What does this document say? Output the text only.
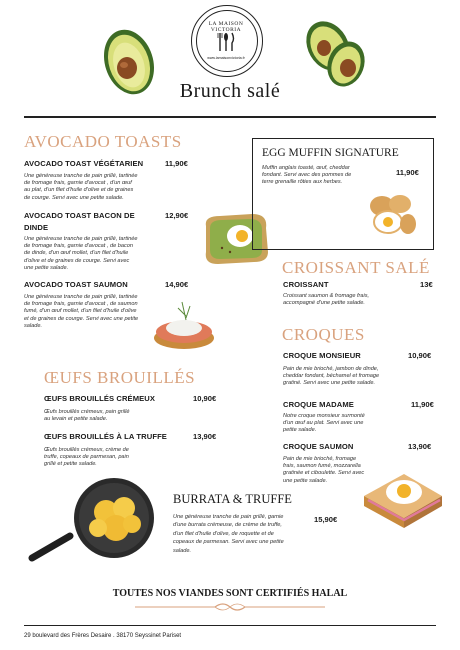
LA MAISON VICTORIA
www.lamaisonvictoria.fr
Brunch salé
AVOCADO TOASTS
AVOCADO TOAST VÉGÉTARIEN	11,90€
Une généreuse tranche de pain grillé, tartinée de fromage frais, garnie d'avocat , d'un œuf au plat, d'un filet d'huile d'olive et de graines de courge. Servi avec une petite salade.
AVOCADO TOAST BACON DE DINDE
12,90€
Une généreuse tranche de pain grillé, tartinée de fromage frais, garnie d'avocat , de bacon de dinde, d'un œuf mollet, d'un filet d'huile d'olive et de graines de courge. Servi avec une petite salade.
AVOCADO TOAST SAUMON	14,90€
Une généreuse tranche de pain grillé, tartinée de fromage frais, garnie d'avocat , de saumon fumé, d'un œuf mollet, d'un filet d'huile d'olive et de graines de courge. Servi avec une petite salade.
EGG MUFFIN SIGNATURE
Muffin anglais toasté, œuf, cheddar fondant. Servi avec des pommes de terre grenaille rôties aux herbes.
11,90€
CROISSANT SALÉ
CROISSANT	13€
Croissant saumon & fromage frais, accompagné d'une petite salade.
CROQUES
CROQUE MONSIEUR	10,90€
Pain de mie brioché, jambon de dinde, cheddar fondant, béchamel et fromage gratiné. Servi avec une petite salade.
CROQUE MADAME	11,90€
Notre croque monsieur surmonté d'un œuf au plat. Servi avec une petite salade.
CROQUE SAUMON	13,90€
Pain de mie brioché, fromage frais, saumon fumé, mozzarella gratinée et ciboulette. Servi avec une petite salade.
ŒUFS BROUILLÉS
ŒUFS BROUILLÉS CRÉMEUX	10,90€
Œufs brouillés crémeux, pain grillé au levain et petite salade.
ŒUFS BROUILLÉS À LA TRUFFE	13,90€
Œufs brouillés crémeux, crème de truffe, copeaux de parmesan, pain grillé et petite salade.
BURRATA & TRUFFE
Une généreuse tranche de pain grillé, garnie d'une burrata crémeuse, de crème de truffe, d'un filet d'huile d'olive, de roquette et de copeaux de parmesan. Servi avec une petite salade.
15,90€
TOUTES NOS VIANDES SONT CERTIFIÉS HALAL
29 boulevard des Frères Desaire . 38170 Seyssinet Pariset
